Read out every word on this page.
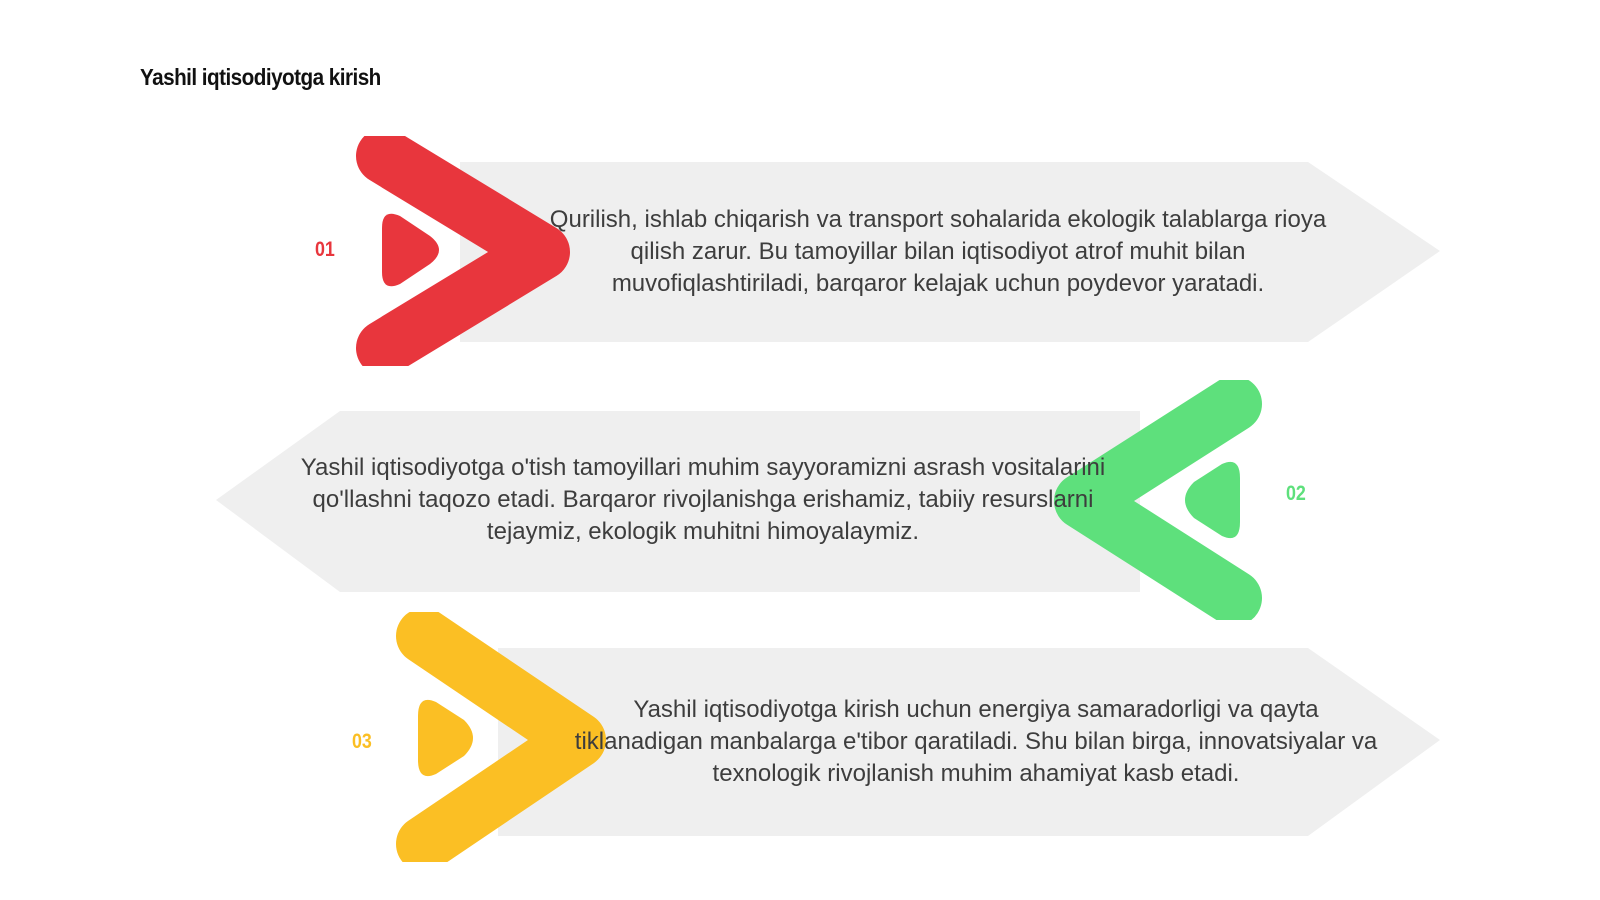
Yashil iqtisodiyotga kirish
01
Qurilish, ishlab chiqarish va transport sohalarida ekologik talablarga rioya qilish zarur. Bu tamoyillar bilan iqtisodiyot atrof muhit bilan muvofiqlashtiriladi, barqaror kelajak uchun poydevor yaratadi.
02
Yashil iqtisodiyotga o'tish tamoyillari muhim sayyoramizni asrash vositalarini qo'llashni taqozo etadi. Barqaror rivojlanishga erishamiz, tabiiy resurslarni tejaymiz, ekologik muhitni himoyalaymiz.
03
Yashil iqtisodiyotga kirish uchun energiya samaradorligi va qayta tiklanadigan manbalarga e'tibor qaratiladi. Shu bilan birga, innovatsiyalar va texnologik rivojlanish muhim ahamiyat kasb etadi.
